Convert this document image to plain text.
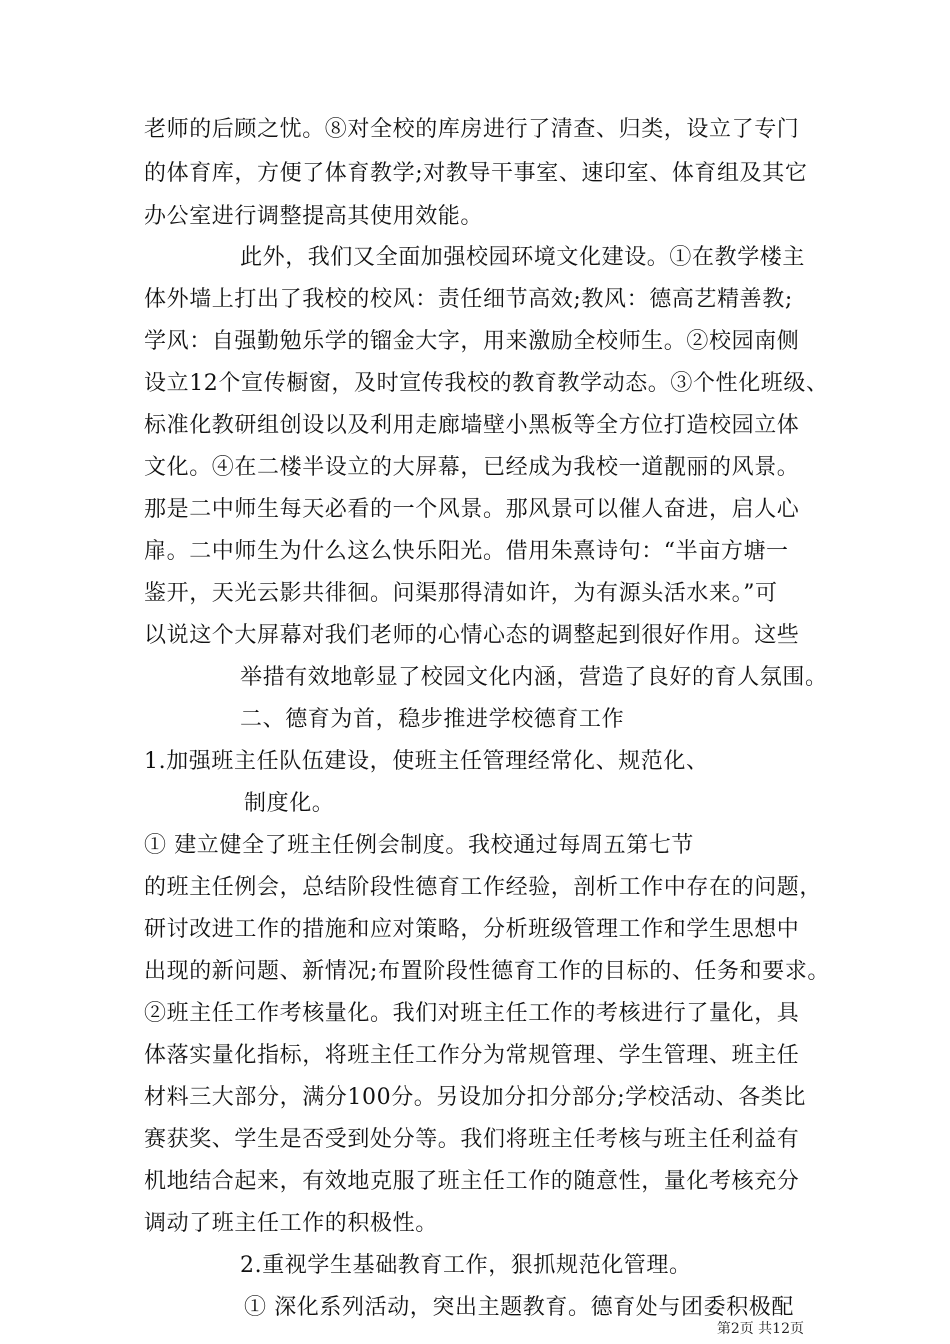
老师的后顾之忧。⑧对全校的库房进行了清查、归类，设立了专门
的体育库，方便了体育教学;对教导干事室、速印室、体育组及其它
办公室进行调整提高其使用效能。
此外，我们又全面加强校园环境文化建设。①在教学楼主
体外墙上打出了我校的校风：责任细节高效;教风：德高艺精善教;
学风：自强勤勉乐学的镏金大字，用来激励全校师生。②校园南侧
设立12个宣传橱窗，及时宣传我校的教育教学动态。③个性化班级、
标准化教研组创设以及利用走廊墙壁小黑板等全方位打造校园立体
文化。④在二楼半设立的大屏幕，已经成为我校一道靓丽的风景。
那是二中师生每天必看的一个风景。那风景可以催人奋进，启人心
扉。二中师生为什么这么快乐阳光。借用朱熹诗句：“半亩方塘一
鉴开，天光云影共徘徊。问渠那得清如许，为有源头活水来。”可
以说这个大屏幕对我们老师的心情心态的调整起到很好作用。这些
举措有效地彰显了校园文化内涵，营造了良好的育人氛围。
二、德育为首，稳步推进学校德育工作
1.加强班主任队伍建设，使班主任管理经常化、规范化、
制度化。
① 建立健全了班主任例会制度。我校通过每周五第七节
的班主任例会，总结阶段性德育工作经验，剖析工作中存在的问题，
研讨改进工作的措施和应对策略，分析班级管理工作和学生思想中
出现的新问题、新情况;布置阶段性德育工作的目标的、任务和要求。
②班主任工作考核量化。我们对班主任工作的考核进行了量化，具
体落实量化指标，将班主任工作分为常规管理、学生管理、班主任
材料三大部分，满分100分。另设加分扣分部分;学校活动、各类比
赛获奖、学生是否受到处分等。我们将班主任考核与班主任利益有
机地结合起来，有效地克服了班主任工作的随意性，量化考核充分
调动了班主任工作的积极性。
2.重视学生基础教育工作，狠抓规范化管理。
① 深化系列活动，突出主题教育。德育处与团委积极配
第2页 共12页
